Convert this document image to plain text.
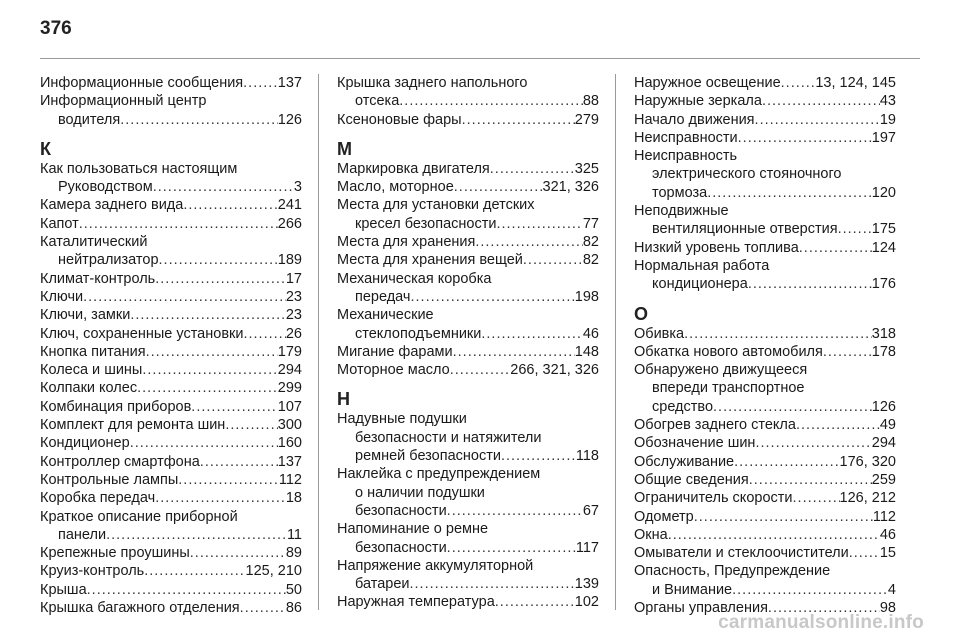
376
Информационные сообщения ..... 137
Информационный центр
водителя .....	126
К
Как пользоваться настоящим
Руководством .....	3
Камера заднего вида .....	241
Капот .....	266
Каталитический
нейтрализатор .....	189
Климат-контроль .....	17
Ключи .....	23
Ключи, замки .....	23
Ключ, сохраненные установки .....	26
Кнопка питания .....	179
Колеса и шины .....	294
Колпаки колес .....	299
Комбинация приборов .....	107
Комплект для ремонта шин .....	300
Кондиционер .....	160
Контроллер смартфона .....	137
Контрольные лампы .....	112
Коробка передач .....	18
Краткое описание приборной
панели .....	11
Крепежные проушины .....	89
Круиз-контроль .....	125, 210
Крыша .....	50
Крышка багажного отделения .....	86
Крышка заднего напольного
отсека .....	88
Ксеноновые фары .....	279
М
Маркировка двигателя .....	325
Масло, моторное .....	321, 326
Места для установки детских
кресел безопасности .....	77
Места для хранения .....	82
Места для хранения вещей .....	82
Механическая коробка
передач .....	198
Механические
стеклоподъемники .....	46
Мигание фарами .....	148
Моторное масло .....	266, 321, 326
Н
Надувные подушки
безопасности и натяжители
ремней безопасности .....	118
Наклейка с предупреждением
о наличии подушки
безопасности .....	67
Напоминание о ремне
безопасности .....	117
Напряжение аккумуляторной
батареи .....	139
Наружная температура .....	102
Наружное освещение ..... 13, 124, 145
Наружные зеркала .....	43
Начало движения .....	19
Неисправности .....	197
Неисправность
электрического стояночного
тормоза .....	120
Неподвижные
вентиляционные отверстия ..... 175
Низкий уровень топлива .....	124
Нормальная работа
кондиционера .....	176
О
Обивка .....	318
Обкатка нового автомобиля .....	178
Обнаружено движущееся
впереди транспортное
средство .....	126
Обогрев заднего стекла .....	49
Обозначение шин .....	294
Обслуживание .....	176, 320
Общие сведения .....	259
Ограничитель скорости .....	126, 212
Одометр .....	112
Окна .....	46
Омыватели и стеклоочистители ..... 15
Опасность, Предупреждение
и Внимание .....	4
Органы управления .....	98
carmanualsonline.info
